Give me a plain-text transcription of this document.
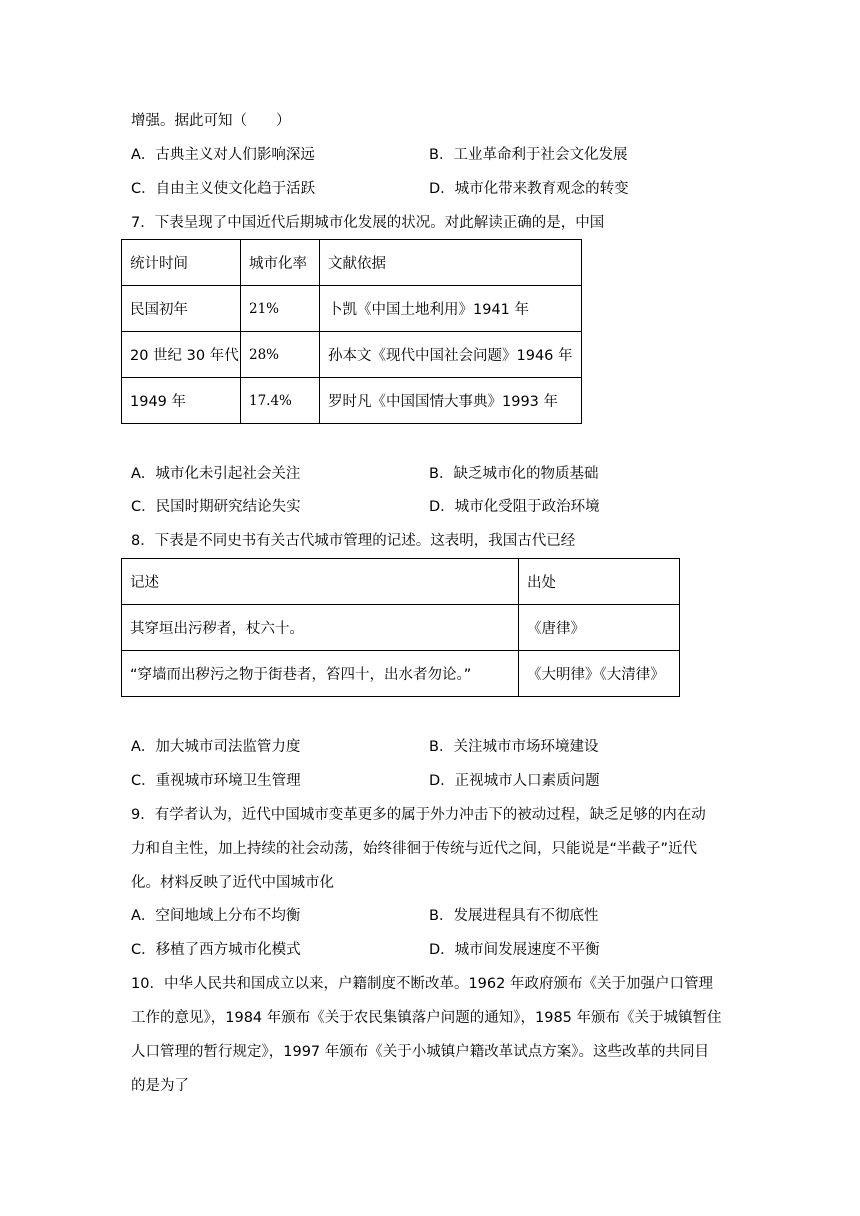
增强。据此可知（　　）
A．古典主义对人们影响深远	B．工业革命利于社会文化发展
C．自由主义使文化趋于活跃	D．城市化带来教育观念的转变
7．下表呈现了中国近代后期城市化发展的状况。对此解读正确的是，中国
统计时间	城市化率	文献依据
民国初年	21%	卜凯《中国土地利用》1941 年
20 世纪 30 年代	28%	孙本文《现代中国社会问题》1946 年
1949 年	17.4%	罗时凡《中国国情大事典》1993 年
A．城市化未引起社会关注	B．缺乏城市化的物质基础
C．民国时期研究结论失实	D．城市化受阻于政治环境
8．下表是不同史书有关古代城市管理的记述。这表明，我国古代已经
记述	出处
其穿垣出污秽者，杖六十。	《唐律》
“穿墙而出秽污之物于街巷者，笞四十，出水者勿论。”	《大明律》《大清律》
A．加大城市司法监管力度	B．关注城市市场环境建设
C．重视城市环境卫生管理	D．正视城市人口素质问题
9．有学者认为，近代中国城市变革更多的属于外力冲击下的被动过程，缺乏足够的内在动
力和自主性，加上持续的社会动荡，始终徘徊于传统与近代之间，只能说是“半截子”近代
化。材料反映了近代中国城市化
A．空间地域上分布不均衡	B．发展进程具有不彻底性
C．移植了西方城市化模式	D．城市间发展速度不平衡
10．中华人民共和国成立以来，户籍制度不断改革。1962 年政府颁布《关于加强户口管理
工作的意见》，1984 年颁布《关于农民集镇落户问题的通知》，1985 年颁布《关于城镇暂住
人口管理的暂行规定》，1997 年颁布《关于小城镇户籍改革试点方案》。这些改革的共同目
的是为了
